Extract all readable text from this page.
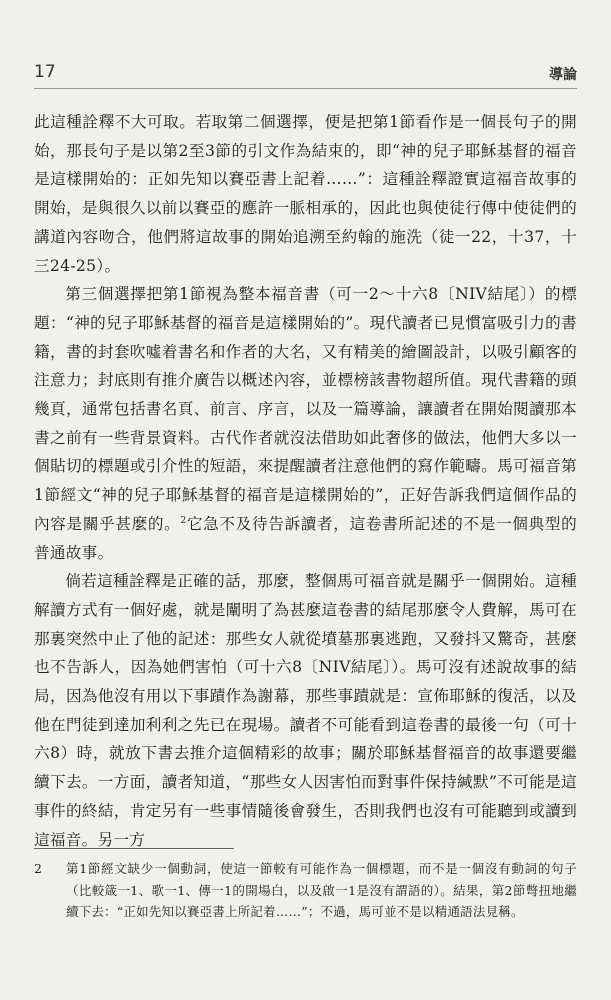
17	導論

此這種詮釋不大可取。若取第二個選擇，便是把第1節看作是一個長句子的開始，那長句子是以第2至3節的引文作為結束的，即“神的兒子耶穌基督的福音是這樣開始的：正如先知以賽亞書上記着……”：這種詮釋證實這福音故事的開始，是與很久以前以賽亞的應許一脈相承的，因此也與使徒行傳中使徒們的講道內容吻合，他們將這故事的開始追溯至約翰的施洗（徒一22，十37，十三24-25）。

第三個選擇把第1節視為整本福音書（可一2～十六8〔NIV結尾〕）的標題：“神的兒子耶穌基督的福音是這樣開始的”。現代讀者已見慣富吸引力的書籍，書的封套吹噓着書名和作者的大名，又有精美的繪圖設計，以吸引顧客的注意力；封底則有推介廣告以概述內容，並標榜該書物超所值。現代書籍的頭幾頁，通常包括書名頁、前言、序言，以及一篇導論，讓讀者在開始閱讀那本書之前有一些背景資料。古代作者就沒法借助如此奢侈的做法，他們大多以一個貼切的標題或引介性的短語，來提醒讀者注意他們的寫作範疇。馬可福音第1節經文“神的兒子耶穌基督的福音是這樣開始的”，正好告訴我們這個作品的內容是關乎甚麼的。$^2$它急不及待告訴讀者，這卷書所記述的不是一個典型的普通故事。

倘若這種詮釋是正確的話，那麼，整個馬可福音就是關乎一個開始。這種解讀方式有一個好處，就是闡明了為甚麼這卷書的結尾那麼令人費解，馬可在那裏突然中止了他的記述：那些女人就從墳墓那裏逃跑，又發抖又驚奇，甚麼也不告訴人，因為她們害怕（可十六8〔NIV結尾〕）。馬可沒有述說故事的結局，因為他沒有用以下事蹟作為謝幕，那些事蹟就是：宣佈耶穌的復活，以及他在門徒到達加利利之先已在現場。讀者不可能看到這卷書的最後一句（可十六8）時，就放下書去推介這個精彩的故事；關於耶穌基督福音的故事還要繼續下去。一方面，讀者知道，“那些女人因害怕而對事件保持緘默”不可能是這事件的終結，肯定另有一些事情隨後會發生，否則我們也沒有可能聽到或讀到這福音。另一方

2	第1節經文缺少一個動詞，使這一節較有可能作為一個標題，而不是一個沒有動詞的句子（比較箴一1、歌一1、傳一1的開場白，以及啟一1是沒有謂語的）。結果，第2節彆扭地繼續下去：“正如先知以賽亞書上所記着……”；不過，馬可並不是以精通語法見稱。
